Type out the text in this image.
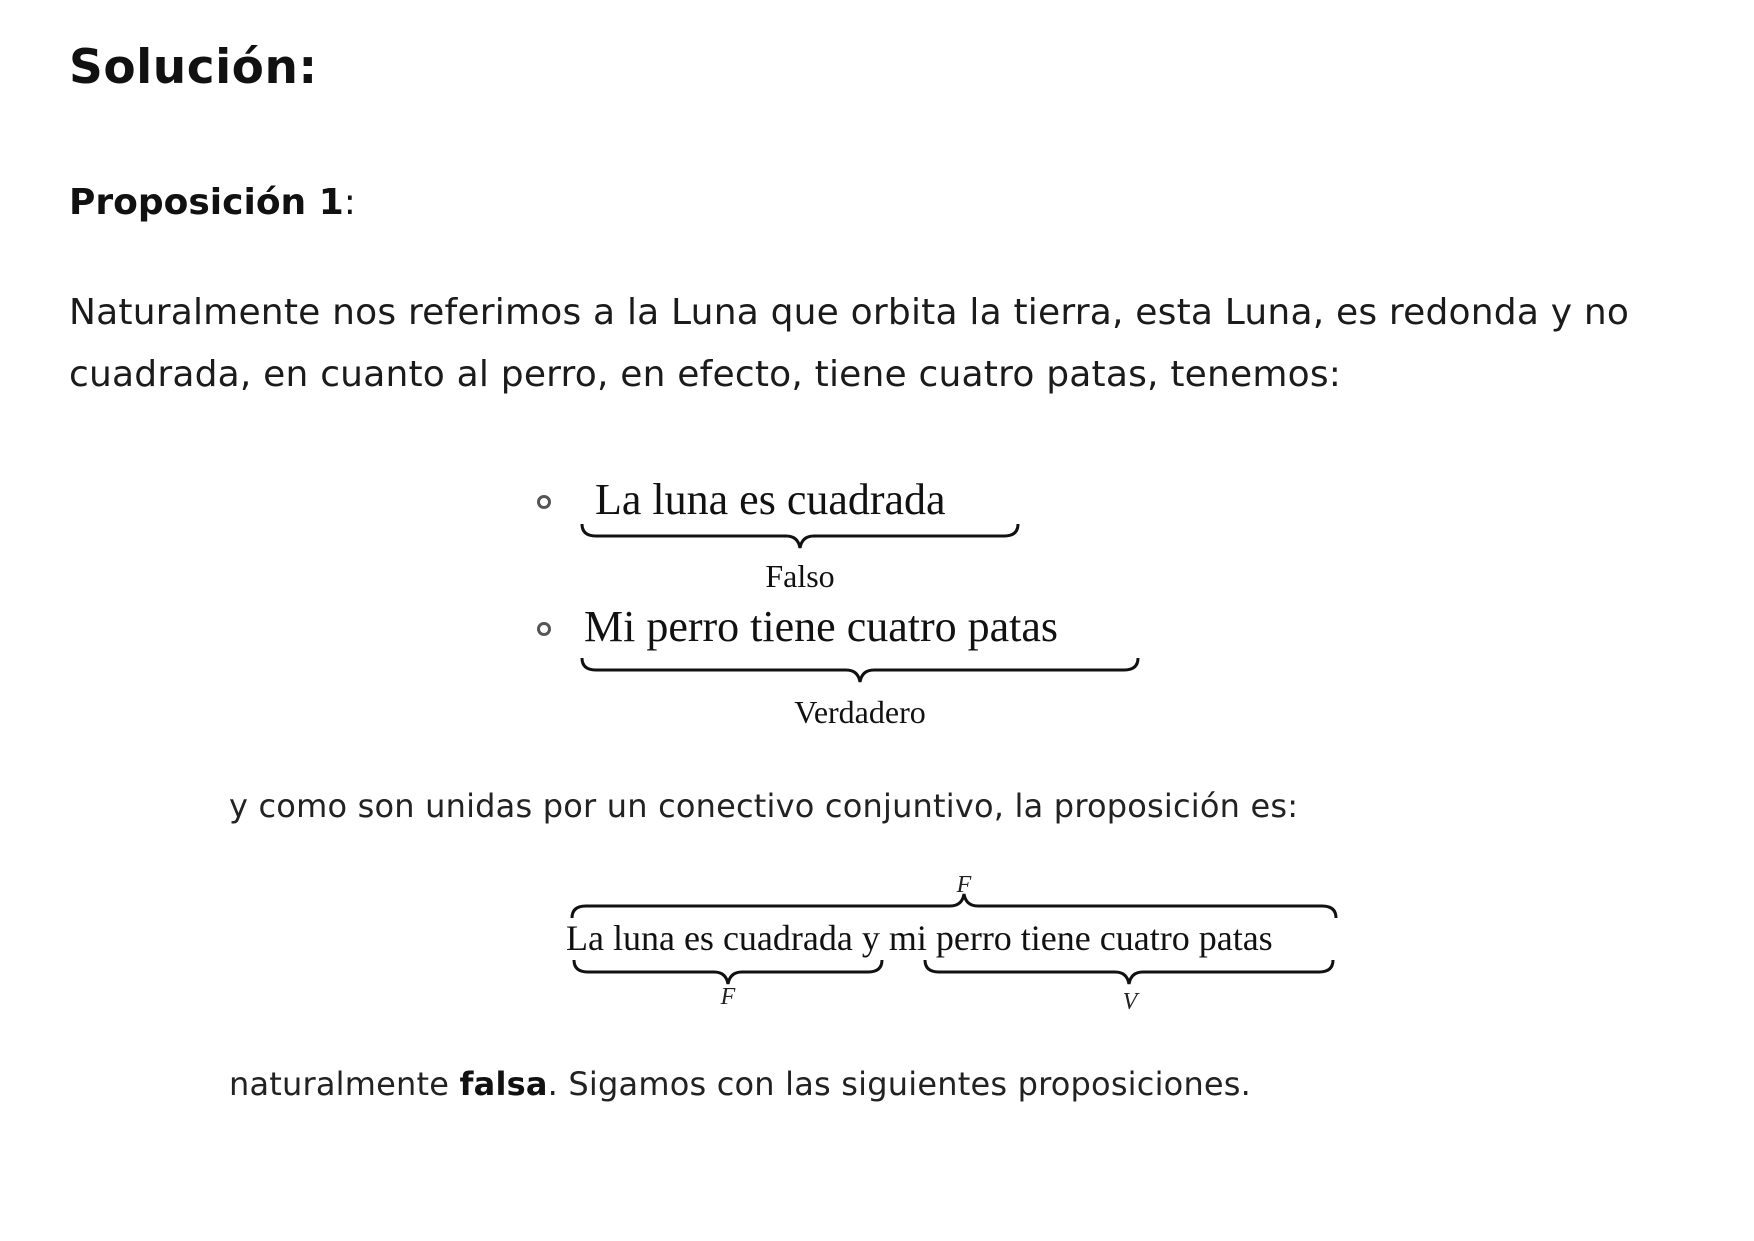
Solución:
Proposición 1:
Naturalmente nos referimos a la Luna que orbita la tierra, esta Luna, es redonda y no cuadrada, en cuanto al perro, en efecto, tiene cuatro patas, tenemos:
La luna es cuadrada
Falso
Mi perro tiene cuatro patas
Verdadero
y como son unidas por un conectivo conjuntivo, la proposición es:
F
La luna es cuadrada y mi perro tiene cuatro patas
F	V
naturalmente falsa. Sigamos con las siguientes proposiciones.
